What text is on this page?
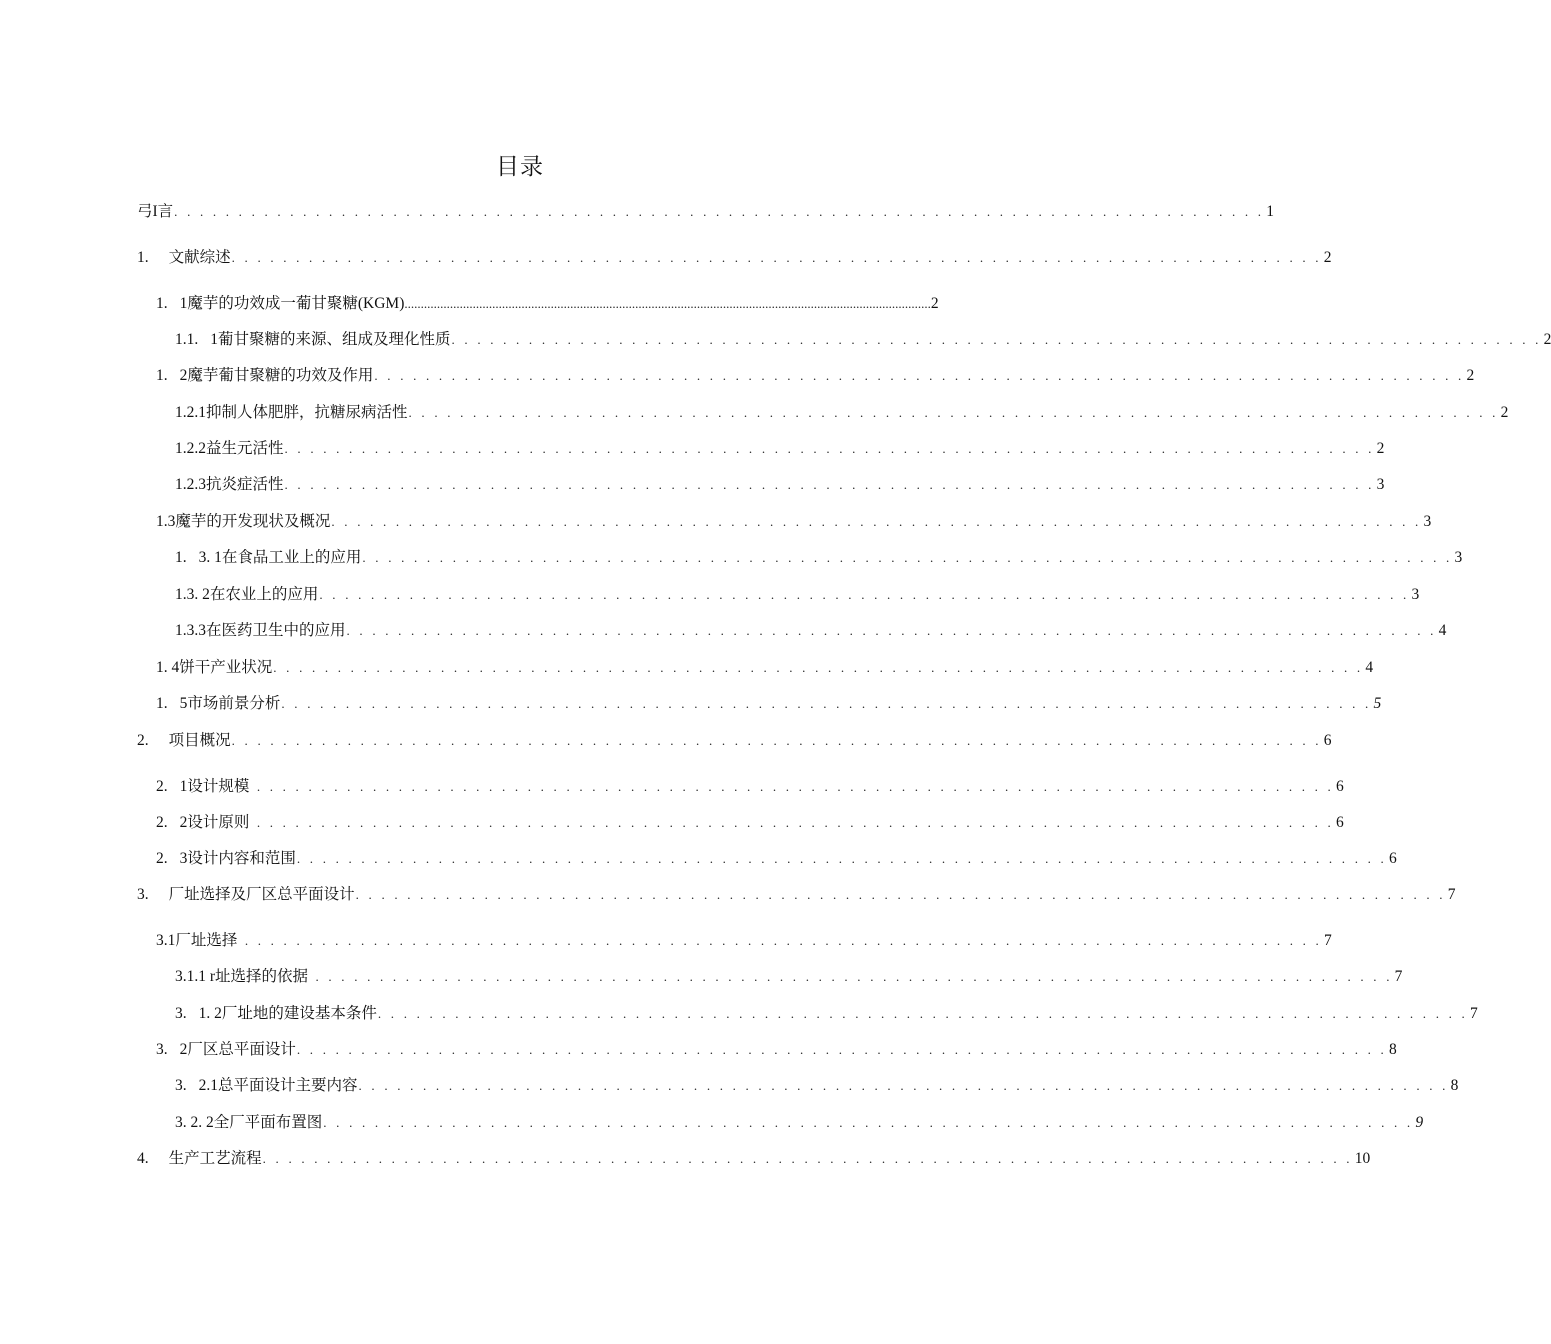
目录
弓I言 . . . . . . . . . . . . . . . . . . . . . . . . . . . . . . . . . . . . . . . . . . . . . . . . . . . . . . . . . . . . . . . . . . . . . . . . . . . . . . . . . . . . . 1
1. 文献综述 . . . . . . . . . . . . . . . . . . . . . . . . . . . . . . . . . . . . . . . . . . . . . . . . . . . . . . . . . . . . . . . . . . . . . . . . . . . . . . . . . . . . . 2
1. 1魔芋的功效成一葡甘聚糖(KGM) .................................................................................................................................................................. 2
1.1. 1葡甘聚糖的来源、组成及理化性质 . . . . . . . . . . . . . . . . . . . . . . . . . . . . . . . . . . . . . . . . . . . . . . . . . . . . . . . . . . . . . . . . . . . . . . . . . . . . . . . . . . . . . 2
1. 2魔芋葡甘聚糖的功效及作用 . . . . . . . . . . . . . . . . . . . . . . . . . . . . . . . . . . . . . . . . . . . . . . . . . . . . . . . . . . . . . . . . . . . . . . . . . . . . . . . . . . . . . 2
1.2.1抑制人体肥胖，抗糖尿病活性 . . . . . . . . . . . . . . . . . . . . . . . . . . . . . . . . . . . . . . . . . . . . . . . . . . . . . . . . . . . . . . . . . . . . . . . . . . . . . . . . . . . . . 2
1.2.2益生元活性 . . . . . . . . . . . . . . . . . . . . . . . . . . . . . . . . . . . . . . . . . . . . . . . . . . . . . . . . . . . . . . . . . . . . . . . . . . . . . . . . . . . . . 2
1.2.3抗炎症活性 . . . . . . . . . . . . . . . . . . . . . . . . . . . . . . . . . . . . . . . . . . . . . . . . . . . . . . . . . . . . . . . . . . . . . . . . . . . . . . . . . . . . . 3
1.3魔芋的开发现状及概况 . . . . . . . . . . . . . . . . . . . . . . . . . . . . . . . . . . . . . . . . . . . . . . . . . . . . . . . . . . . . . . . . . . . . . . . . . . . . . . . . . . . . . 3
1. 3. 1在食品工业上的应用 . . . . . . . . . . . . . . . . . . . . . . . . . . . . . . . . . . . . . . . . . . . . . . . . . . . . . . . . . . . . . . . . . . . . . . . . . . . . . . . . . . . . . 3
1.3. 2在农业上的应用 . . . . . . . . . . . . . . . . . . . . . . . . . . . . . . . . . . . . . . . . . . . . . . . . . . . . . . . . . . . . . . . . . . . . . . . . . . . . . . . . . . . . . 3
1.3.3在医药卫生中的应用 . . . . . . . . . . . . . . . . . . . . . . . . . . . . . . . . . . . . . . . . . . . . . . . . . . . . . . . . . . . . . . . . . . . . . . . . . . . . . . . . . . . . . 4
1. 4饼干产业状况 . . . . . . . . . . . . . . . . . . . . . . . . . . . . . . . . . . . . . . . . . . . . . . . . . . . . . . . . . . . . . . . . . . . . . . . . . . . . . . . . . . . . . 4
1. 5市场前景分析 . . . . . . . . . . . . . . . . . . . . . . . . . . . . . . . . . . . . . . . . . . . . . . . . . . . . . . . . . . . . . . . . . . . . . . . . . . . . . . . . . . . . . 5
2. 项目概况 . . . . . . . . . . . . . . . . . . . . . . . . . . . . . . . . . . . . . . . . . . . . . . . . . . . . . . . . . . . . . . . . . . . . . . . . . . . . . . . . . . . . . 6
2. 1设计规模 . . . . . . . . . . . . . . . . . . . . . . . . . . . . . . . . . . . . . . . . . . . . . . . . . . . . . . . . . . . . . . . . . . . . . . . . . . . . . . . . . . . . 6
2. 2设计原则 . . . . . . . . . . . . . . . . . . . . . . . . . . . . . . . . . . . . . . . . . . . . . . . . . . . . . . . . . . . . . . . . . . . . . . . . . . . . . . . . . . . . 6
2. 3设计内容和范围 . . . . . . . . . . . . . . . . . . . . . . . . . . . . . . . . . . . . . . . . . . . . . . . . . . . . . . . . . . . . . . . . . . . . . . . . . . . . . . . . . . . . . 6
3. 厂址选择及厂区总平面设计 . . . . . . . . . . . . . . . . . . . . . . . . . . . . . . . . . . . . . . . . . . . . . . . . . . . . . . . . . . . . . . . . . . . . . . . . . . . . . . . . . . . . . 7
3.1厂址选择 . . . . . . . . . . . . . . . . . . . . . . . . . . . . . . . . . . . . . . . . . . . . . . . . . . . . . . . . . . . . . . . . . . . . . . . . . . . . . . . . . . . . 7
3.1.1 r址选择的依据 . . . . . . . . . . . . . . . . . . . . . . . . . . . . . . . . . . . . . . . . . . . . . . . . . . . . . . . . . . . . . . . . . . . . . . . . . . . . . . . . . . . . 7
3. 1. 2厂址地的建设基本条件 . . . . . . . . . . . . . . . . . . . . . . . . . . . . . . . . . . . . . . . . . . . . . . . . . . . . . . . . . . . . . . . . . . . . . . . . . . . . . . . . . . . . . 7
3. 2厂区总平面设计 . . . . . . . . . . . . . . . . . . . . . . . . . . . . . . . . . . . . . . . . . . . . . . . . . . . . . . . . . . . . . . . . . . . . . . . . . . . . . . . . . . . . . 8
3. 2.1总平面设计主要内容 . . . . . . . . . . . . . . . . . . . . . . . . . . . . . . . . . . . . . . . . . . . . . . . . . . . . . . . . . . . . . . . . . . . . . . . . . . . . . . . . . . . . . 8
3. 2. 2全厂平面布置图 . . . . . . . . . . . . . . . . . . . . . . . . . . . . . . . . . . . . . . . . . . . . . . . . . . . . . . . . . . . . . . . . . . . . . . . . . . . . . . . . . . . . . 9
4. 生产工艺流程 . . . . . . . . . . . . . . . . . . . . . . . . . . . . . . . . . . . . . . . . . . . . . . . . . . . . . . . . . . . . . . . . . . . . . . . . . . . . . . . . . . . . . 10
